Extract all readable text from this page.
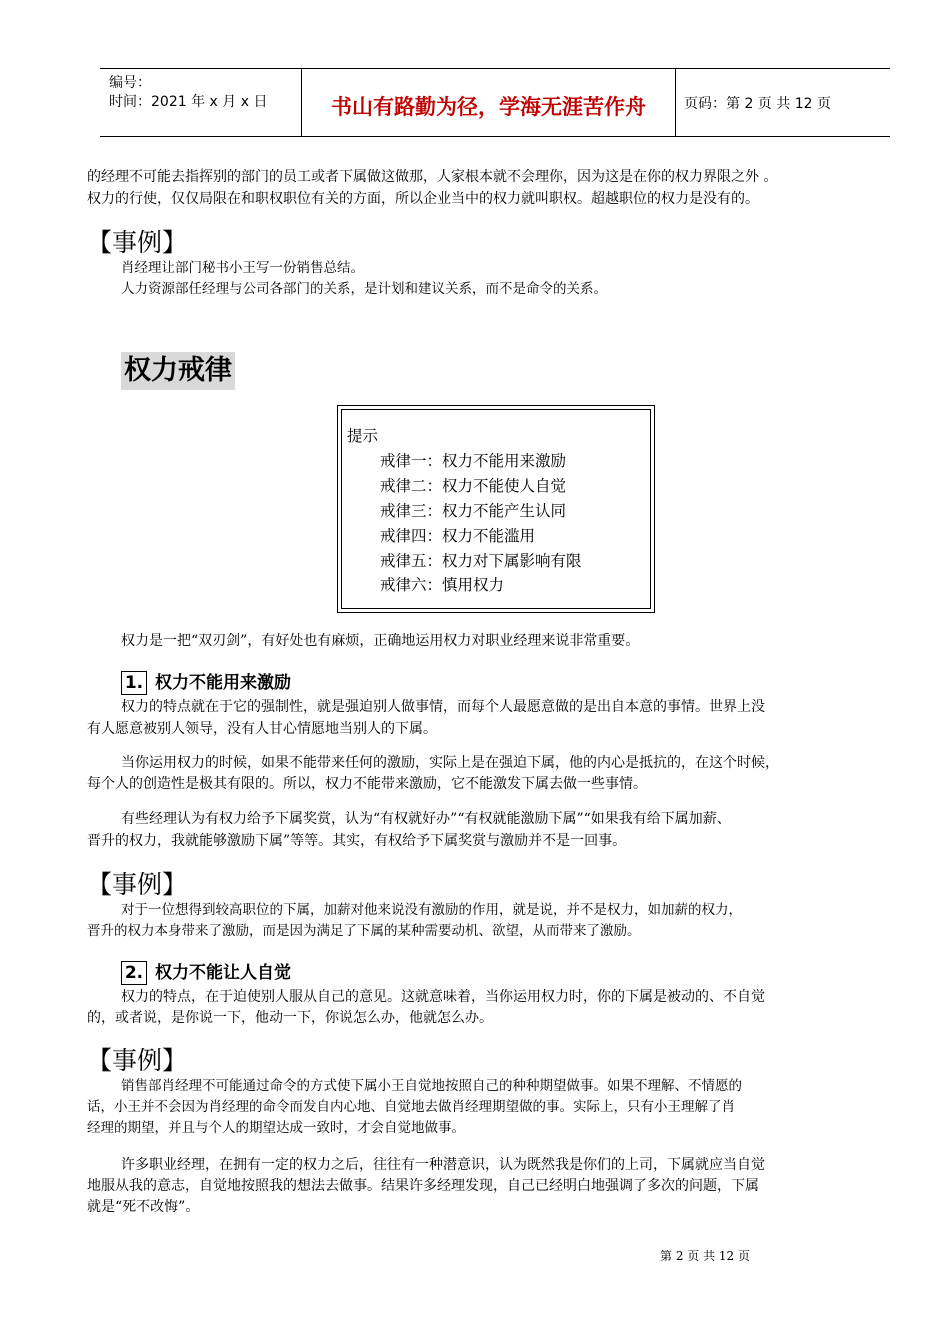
编号：
时间：2021 年 x 月 x 日	书山有路勤为径，学海无涯苦作舟	页码：第 2 页 共 12 页
的经理不可能去指挥别的部门的员工或者下属做这做那，人家根本就不会理你，因为这是在你的权力界限之外 。
权力的行使，仅仅局限在和职权职位有关的方面，所以企业当中的权力就叫职权。超越职位的权力是没有的。
【事例】
肖经理让部门秘书小王写一份销售总结。
人力资源部任经理与公司各部门的关系，是计划和建议关系，而不是命令的关系。
权力戒律
提示
戒律一：权力不能用来激励
戒律二：权力不能使人自觉
戒律三：权力不能产生认同
戒律四：权力不能滥用
戒律五：权力对下属影响有限
戒律六：慎用权力
权力是一把“双刃剑”，有好处也有麻烦，正确地运用权力对职业经理来说非常重要。
1. 权力不能用来激励
权力的特点就在于它的强制性，就是强迫别人做事情，而每个人最愿意做的是出自本意的事情。世界上没
有人愿意被别人领导，没有人甘心情愿地当别人的下属。
当你运用权力的时候，如果不能带来任何的激励，实际上是在强迫下属，他的内心是抵抗的，在这个时候，
每个人的创造性是极其有限的。所以，权力不能带来激励，它不能激发下属去做一些事情。
有些经理认为有权力给予下属奖赏，认为“有权就好办”“有权就能激励下属”“如果我有给下属加薪、
晋升的权力，我就能够激励下属”等等。其实，有权给予下属奖赏与激励并不是一回事。
【事例】
对于一位想得到较高职位的下属，加薪对他来说没有激励的作用，就是说，并不是权力，如加薪的权力，
晋升的权力本身带来了激励，而是因为满足了下属的某种需要动机、欲望，从而带来了激励。
2. 权力不能让人自觉
权力的特点，在于迫使别人服从自己的意见。这就意味着，当你运用权力时，你的下属是被动的、不自觉
的，或者说，是你说一下，他动一下，你说怎么办，他就怎么办。
【事例】
销售部肖经理不可能通过命令的方式使下属小王自觉地按照自己的种种期望做事。如果不理解、不情愿的
话，小王并不会因为肖经理的命令而发自内心地、自觉地去做肖经理期望做的事。实际上，只有小王理解了肖
经理的期望，并且与个人的期望达成一致时，才会自觉地做事。
许多职业经理，在拥有一定的权力之后，往往有一种潜意识，认为既然我是你们的上司，下属就应当自觉
地服从我的意志，自觉地按照我的想法去做事。结果许多经理发现，自己已经明白地强调了多次的问题，下属
就是“死不改悔”。
第 2 页 共 12 页
